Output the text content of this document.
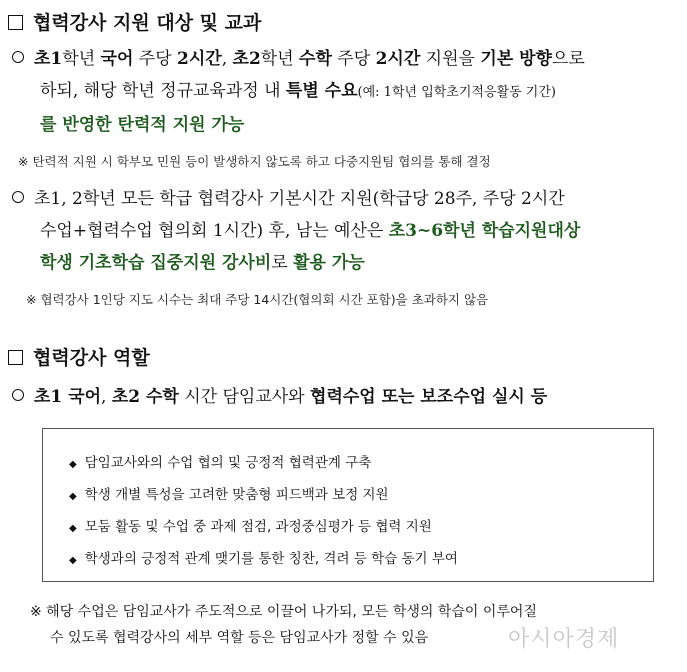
협력강사 지원 대상 및 교과
초1학년 국어 주당 2시간, 초2학년 수학 주당 2시간 지원을 기본 방향으로
하되, 해당 학년 정규교육과정 내 특별 수요(예: 1학년 입학초기적응활동 기간)
를 반영한 탄력적 지원 가능
※ 탄력적 지원 시 학부모 민원 등이 발생하지 않도록 하고 다중지원팀 협의를 통해 결정
초1, 2학년 모든 학급 협력강사 기본시간 지원(학급당 28주, 주당 2시간
수업+협력수업 협의회 1시간) 후, 남는 예산은 초3~6학년 학습지원대상
학생 기초학습 집중지원 강사비로 활용 가능
※ 협력강사 1인당 지도 시수는 최대 주당 14시간(협의회 시간 포함)을 초과하지 않음
협력강사 역할
초1 국어, 초2 수학 시간 담임교사와 협력수업 또는 보조수업 실시 등
◆ 담임교사와의 수업 협의 및 긍정적 협력관계 구축
◆ 학생 개별 특성을 고려한 맞춤형 피드백과 보정 지원
◆ 모둠 활동 및 수업 중 과제 점검, 과정중심평가 등 협력 지원
◆ 학생과의 긍정적 관계 맺기를 통한 칭찬, 격려 등 학습 동기 부여
※ 해당 수업은 담임교사가 주도적으로 이끌어 나가되, 모든 학생의 학습이 이루어질
수 있도록 협력강사의 세부 역할 등은 담임교사가 정할 수 있음	아시아경제
